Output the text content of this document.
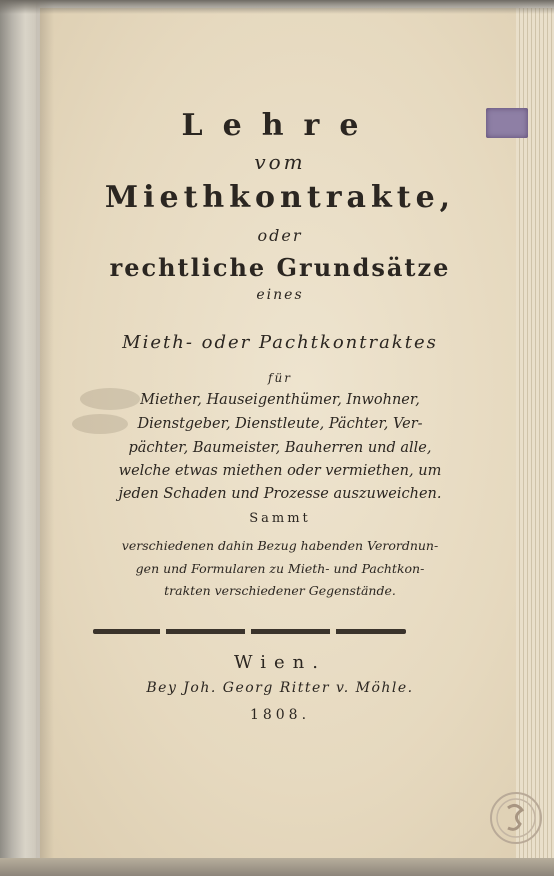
Lehre
vom
Miethkontrakte,
oder
rechtliche Grundsätze
eines
Mieth- oder Pachtkontraktes
für
Miether, Hauseigenthümer, Inwohner,
Dienstgeber, Dienstleute, Pächter, Ver-
pächter, Baumeister, Bauherren und alle,
welche etwas miethen oder vermiethen, um
jeden Schaden und Prozesse auszuweichen.
Sammt
verschiedenen dahin Bezug habenden Verordnun-
gen und Formularen zu Mieth- und Pachtkon-
trakten verschiedener Gegenstände.
Wien.
Bey Joh. Georg Ritter v. Möhle.
1808.
